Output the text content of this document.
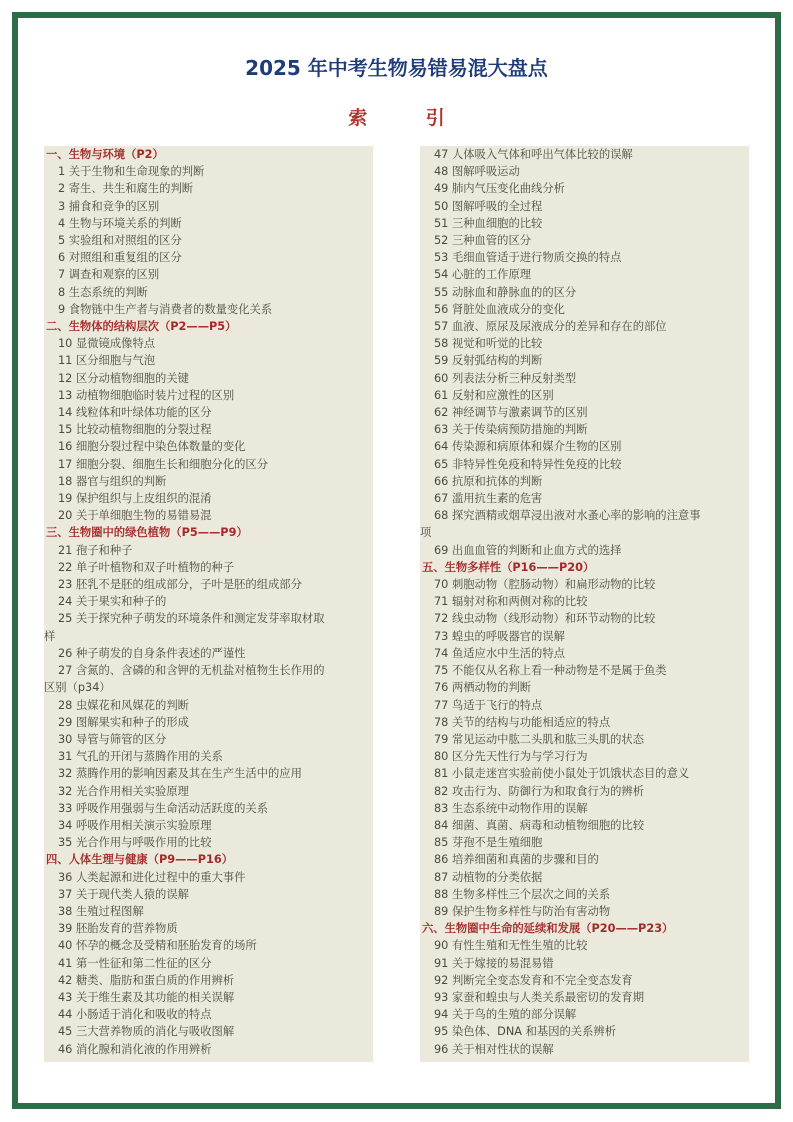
2025 年中考生物易错易混大盘点
索 引
一、生物与环境（P2）
1 关于生物和生命现象的判断
2 寄生、共生和腐生的判断
3 捕食和竞争的区别
4 生物与环境关系的判断
5 实验组和对照组的区分
6 对照组和重复组的区分
7 调查和观察的区别
8 生态系统的判断
9 食物链中生产者与消费者的数量变化关系
二、生物体的结构层次（P2——P5）
10 显微镜成像特点
11 区分细胞与气泡
12 区分动植物细胞的关键
13 动植物细胞临时装片过程的区别
14 线粒体和叶绿体功能的区分
15 比较动植物细胞的分裂过程
16 细胞分裂过程中染色体数量的变化
17 细胞分裂、细胞生长和细胞分化的区分
18 器官与组织的判断
19 保护组织与上皮组织的混淆
20 关于单细胞生物的易错易混
三、生物圈中的绿色植物（P5——P9）
21 孢子和种子
22 单子叶植物和双子叶植物的种子
23 胚乳不是胚的组成部分，子叶是胚的组成部分
24 关于果实和种子的
25 关于探究种子萌发的环境条件和测定发芽率取材取
样
26 种子萌发的自身条件表述的严谨性
27 含氮的、含磷的和含钾的无机盐对植物生长作用的
区别（p34）
28 虫媒花和风媒花的判断
29 图解果实和种子的形成
30 导管与筛管的区分
31 气孔的开闭与蒸腾作用的关系
32 蒸腾作用的影响因素及其在生产生活中的应用
32 光合作用相关实验原理
33 呼吸作用强弱与生命活动活跃度的关系
34 呼吸作用相关演示实验原理
35 光合作用与呼吸作用的比较
四、人体生理与健康（P9——P16）
36 人类起源和进化过程中的重大事件
37 关于现代类人猿的误解
38 生殖过程图解
39 胚胎发育的营养物质
40 怀孕的概念及受精和胚胎发育的场所
41 第一性征和第二性征的区分
42 糖类、脂肪和蛋白质的作用辨析
43 关于维生素及其功能的相关误解
44 小肠适于消化和吸收的特点
45 三大营养物质的消化与吸收图解
46 消化腺和消化液的作用辨析
47 人体吸入气体和呼出气体比较的误解
48 图解呼吸运动
49 肺内气压变化曲线分析
50 图解呼吸的全过程
51 三种血细胞的比较
52 三种血管的区分
53 毛细血管适于进行物质交换的特点
54 心脏的工作原理
55 动脉血和静脉血的的区分
56 肾脏处血液成分的变化
57 血液、原尿及尿液成分的差异和存在的部位
58 视觉和听觉的比较
59 反射弧结构的判断
60 列表法分析三种反射类型
61 反射和应激性的区别
62 神经调节与激素调节的区别
63 关于传染病预防措施的判断
64 传染源和病原体和媒介生物的区别
65 非特异性免疫和特异性免疫的比较
66 抗原和抗体的判断
67 滥用抗生素的危害
68 探究酒精或烟草浸出液对水蚤心率的影响的注意事
项
69 出血血管的判断和止血方式的选择
五、生物多样性（P16——P20）
70 刺胞动物（腔肠动物）和扁形动物的比较
71 辐射对称和两侧对称的比较
72 线虫动物（线形动物）和环节动物的比较
73 蝗虫的呼吸器官的误解
74 鱼适应水中生活的特点
75 不能仅从名称上看一种动物是不是属于鱼类
76 两栖动物的判断
77 鸟适于飞行的特点
78 关节的结构与功能相适应的特点
79 常见运动中肱二头肌和肱三头肌的状态
80 区分先天性行为与学习行为
81 小鼠走迷宫实验前使小鼠处于饥饿状态目的意义
82 攻击行为、防御行为和取食行为的辨析
83 生态系统中动物作用的误解
84 细菌、真菌、病毒和动植物细胞的比较
85 芽孢不是生殖细胞
86 培养细菌和真菌的步骤和目的
87 动植物的分类依据
88 生物多样性三个层次之间的关系
89 保护生物多样性与防治有害动物
六、生物圈中生命的延续和发展（P20——P23）
90 有性生殖和无性生殖的比较
91 关于嫁接的易混易错
92 判断完全变态发育和不完全变态发育
93 家蚕和蝗虫与人类关系最密切的发育期
94 关于鸟的生殖的部分误解
95 染色体、DNA 和基因的关系辨析
96 关于相对性状的误解
